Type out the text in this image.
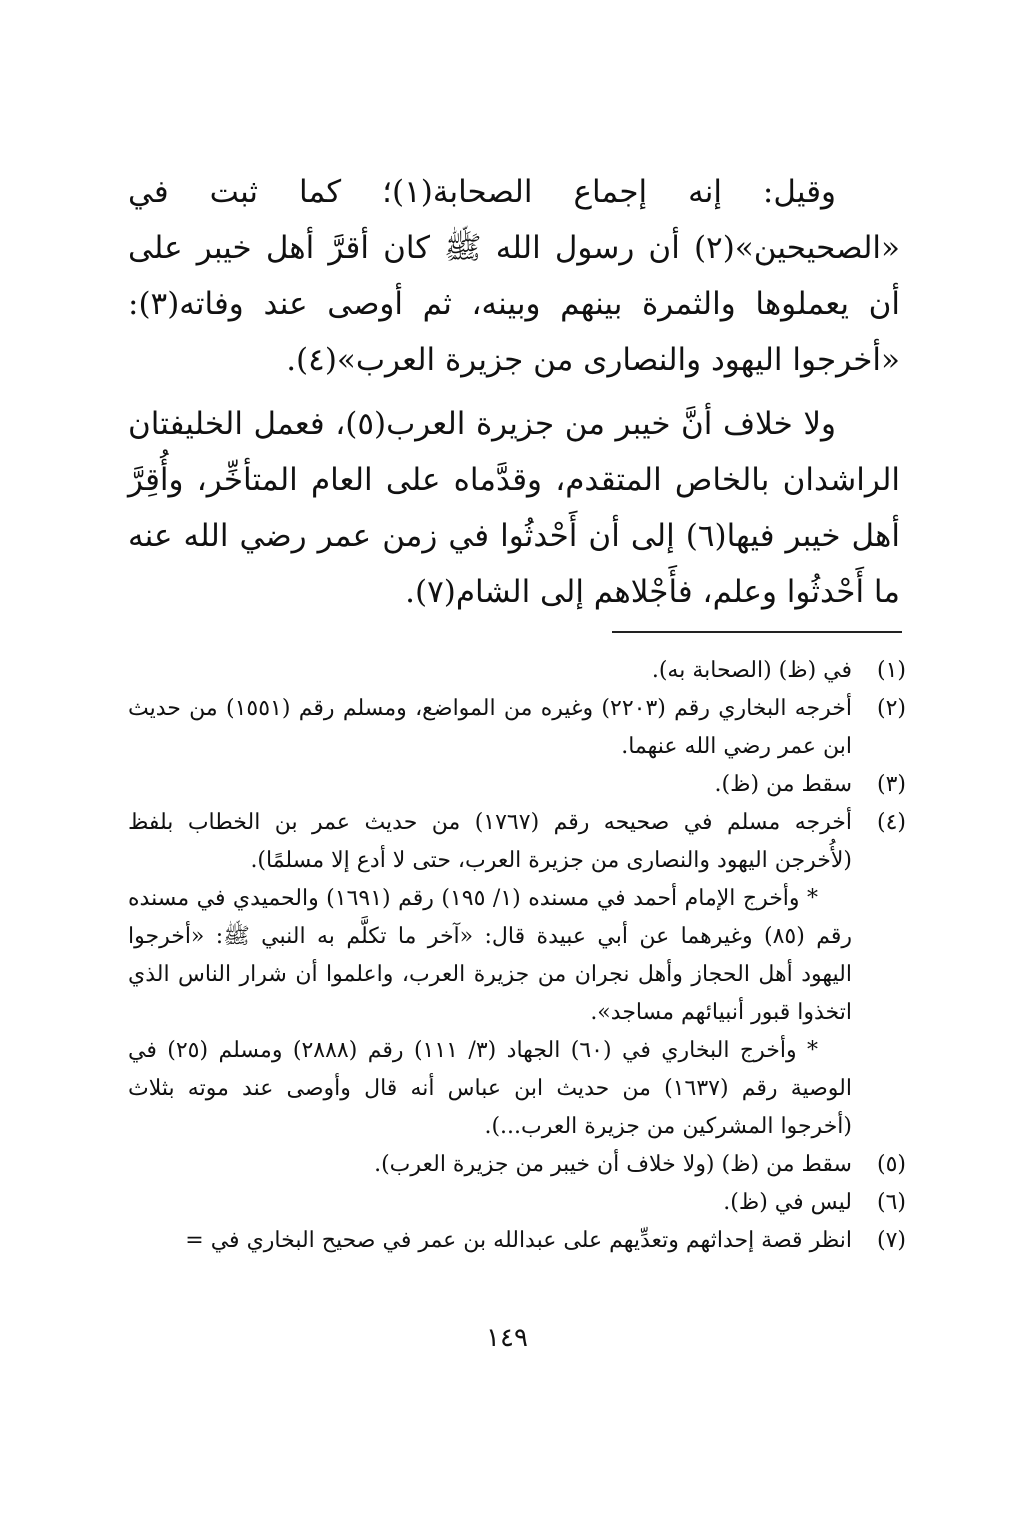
وقيل: إنه إجماع الصحابة(١)؛ كما ثبت في «الصحيحين»(٢) أن رسول الله ﷺ كان أقرَّ أهل خيبر على أن يعملوها والثمرة بينهم وبينه، ثم أوصى عند وفاته(٣): «أخرجوا اليهود والنصارى من جزيرة العرب»(٤).

ولا خلاف أنَّ خيبر من جزيرة العرب(٥)، فعمل الخليفتان الراشدان بالخاص المتقدم، وقدَّماه على العام المتأخِّر، وأُقِرَّ أهل خيبر فيها(٦) إلى أن أَحْدثُوا في زمن عمر رضي الله عنه ما أَحْدثُوا وعلم، فأَجْلاهم إلى الشام(٧).

(١)
في (ظ) (الصحابة به).
(٢)
أخرجه البخاري رقم (٢٢٠٣) وغيره من المواضع، ومسلم رقم (١٥٥١) من حديث ابن عمر رضي الله عنهما.
(٣)
سقط من (ظ).
(٤)
أخرجه مسلم في صحيحه رقم (١٧٦٧) من حديث عمر بن الخطاب بلفظ (لأُخرجن اليهود والنصارى من جزيرة العرب، حتى لا أدع إلا مسلمًا).

* وأخرج الإمام أحمد في مسنده (١/ ١٩٥) رقم (١٦٩١) والحميدي في مسنده رقم (٨٥) وغيرهما عن أبي عبيدة قال: «آخر ما تكلَّم به النبي ﷺ: «أخرجوا اليهود أهل الحجاز وأهل نجران من جزيرة العرب، واعلموا أن شرار الناس الذي اتخذوا قبور أنبيائهم مساجد».

* وأخرج البخاري في (٦٠) الجهاد (٣/ ١١١) رقم (٢٨٨٨) ومسلم (٢٥) في الوصية رقم (١٦٣٧) من حديث ابن عباس أنه قال وأوصى عند موته بثلاث (أخرجوا المشركين من جزيرة العرب...).

(٥)
سقط من (ظ) (ولا خلاف أن خيبر من جزيرة العرب).
(٦)
ليس في (ظ).
(٧)
انظر قصة إحداثهم وتعدِّيهم على عبدالله بن عمر في صحيح البخاري في =
١٤٩
